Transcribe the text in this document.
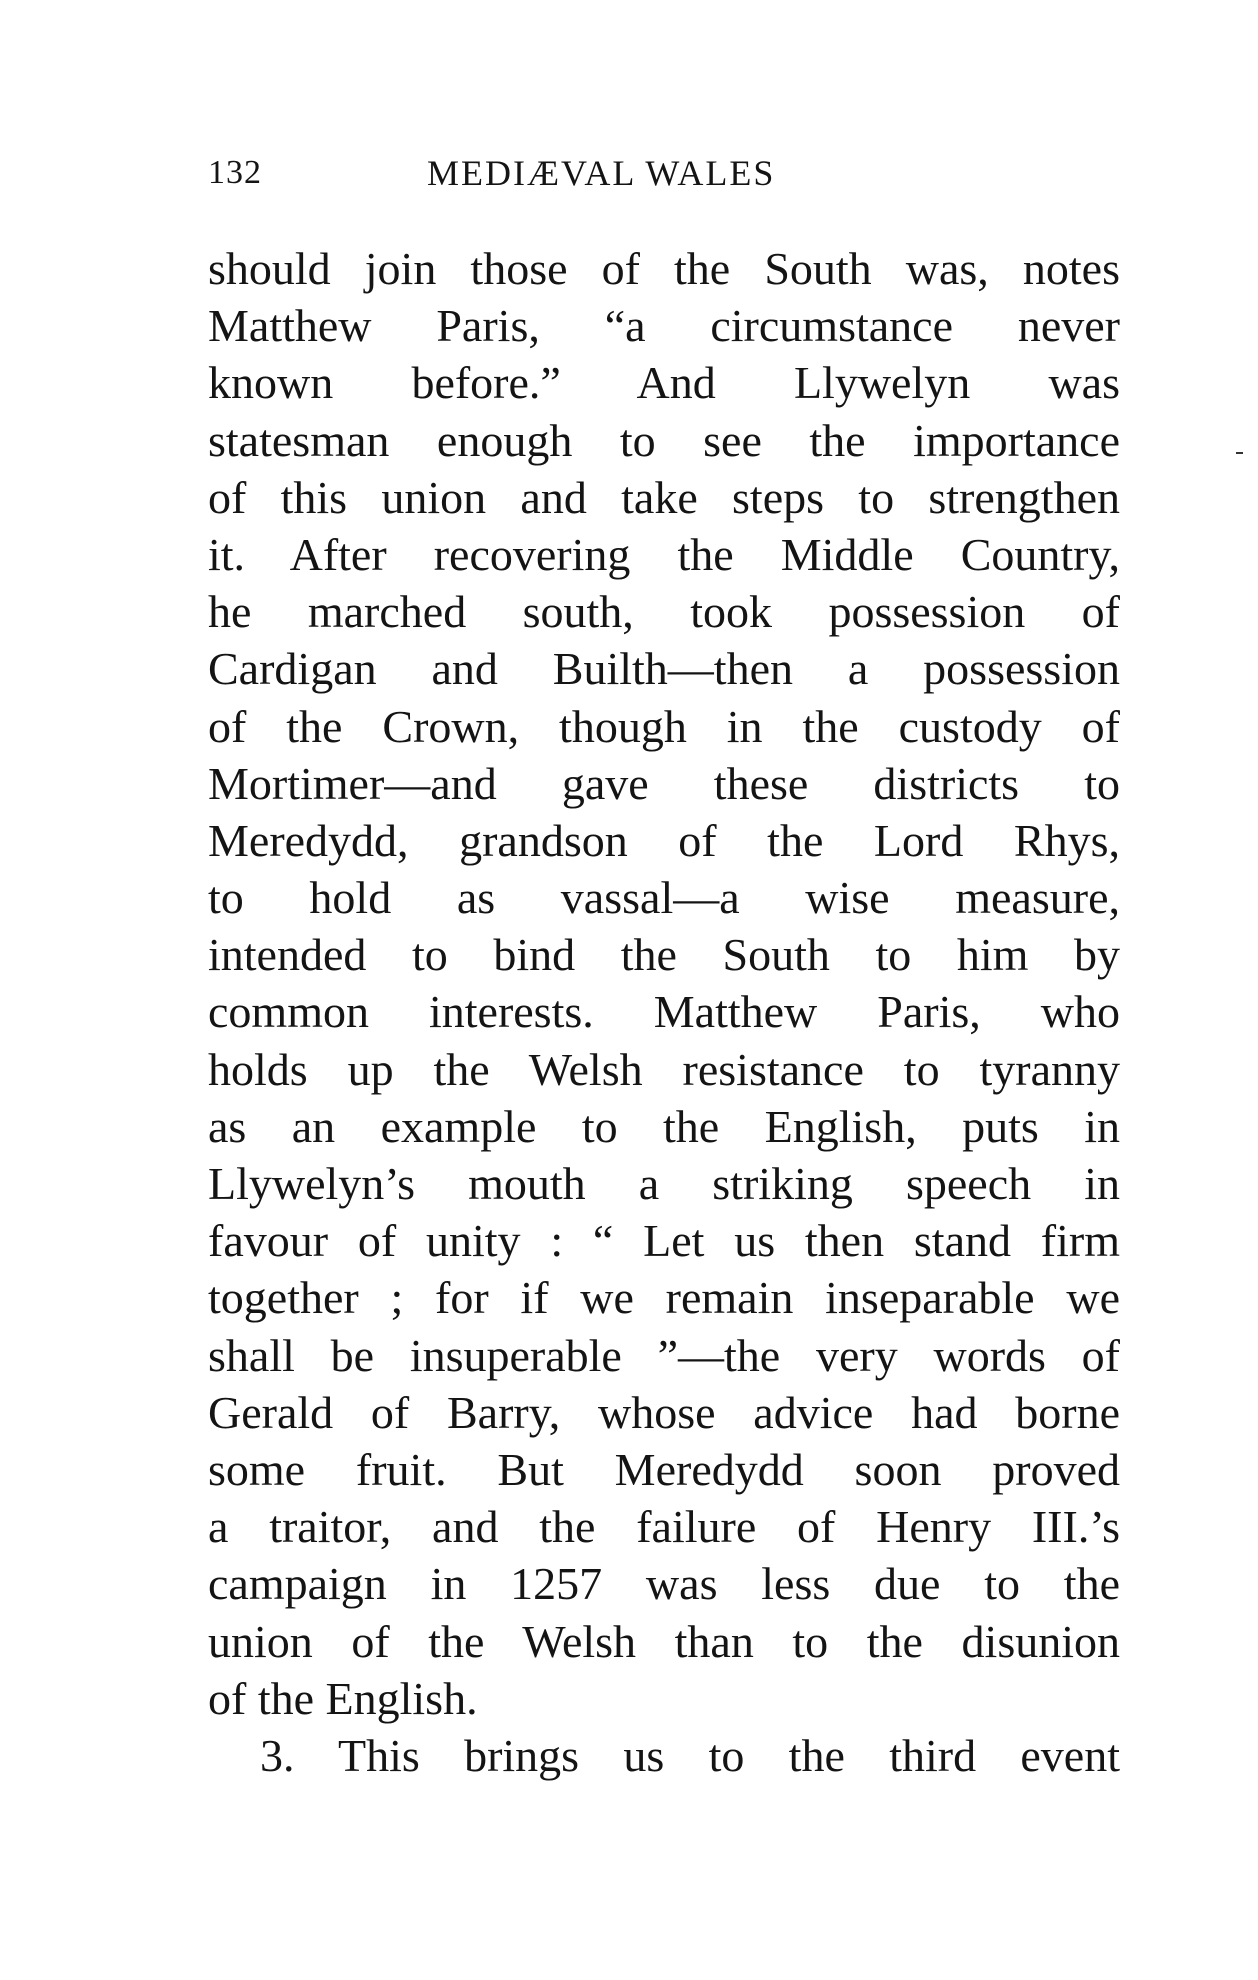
132	MEDIÆVAL WALES
should join those of the South was, notes
Matthew Paris, “a circumstance never
known before.” And Llywelyn was
statesman enough to see the importance
of this union and take steps to strengthen
it. After recovering the Middle Country,
he marched south, took possession of
Cardigan and Builth—then a possession
of the Crown, though in the custody of
Mortimer—and gave these districts to
Meredydd, grandson of the Lord Rhys,
to hold as vassal—a wise measure,
intended to bind the South to him by
common interests. Matthew Paris, who
holds up the Welsh resistance to tyranny
as an example to the English, puts in
Llywelyn’s mouth a striking speech in
favour of unity : “ Let us then stand firm
together ; for if we remain inseparable we
shall be insuperable ”—the very words of
Gerald of Barry, whose advice had borne
some fruit. But Meredydd soon proved
a traitor, and the failure of Henry III.’s
campaign in 1257 was less due to the
union of the Welsh than to the disunion
of the English.
3. This brings us to the third event
